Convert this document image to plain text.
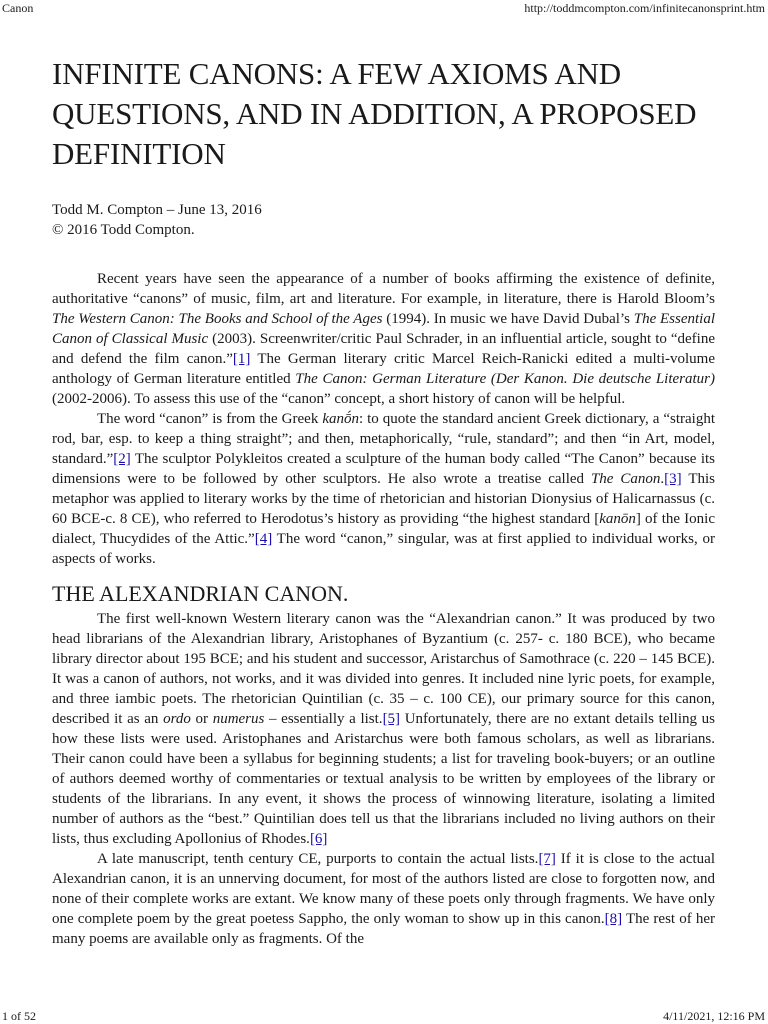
Canon	http://toddmcompton.com/infinitecanonsprint.htm
INFINITE CANONS: A FEW AXIOMS AND QUESTIONS, AND IN ADDITION, A PROPOSED DEFINITION
Todd M. Compton – June 13, 2016
© 2016 Todd Compton.

Recent years have seen the appearance of a number of books affirming the existence of definite, authoritative “canons” of music, film, art and literature. For example, in literature, there is Harold Bloom’s The Western Canon: The Books and School of the Ages (1994). In music we have David Dubal’s The Essential Canon of Classical Music (2003). Screenwriter/critic Paul Schrader, in an influential article, sought to “define and defend the film canon.”[1] The German literary critic Marcel Reich-Ranicki edited a multi-volume anthology of German literature entitled The Canon: German Literature (Der Kanon. Die deutsche Literatur) (2002-2006). To assess this use of the “canon” concept, a short history of canon will be helpful.

The word “canon” is from the Greek kanṓn: to quote the standard ancient Greek dictionary, a “straight rod, bar, esp. to keep a thing straight”; and then, metaphorically, “rule, standard”; and then “in Art, model, standard.”[2] The sculptor Polykleitos created a sculpture of the human body called “The Canon” because its dimensions were to be followed by other sculptors. He also wrote a treatise called The Canon.[3] This metaphor was applied to literary works by the time of rhetorician and historian Dionysius of Halicarnassus (c. 60 BCE-c. 8 CE), who referred to Herodotus’s history as providing “the highest standard [kanōn] of the Ionic dialect, Thucydides of the Attic.”[4] The word “canon,” singular, was at first applied to individual works, or aspects of works.

THE ALEXANDRIAN CANON.

The first well-known Western literary canon was the “Alexandrian canon.” It was produced by two head librarians of the Alexandrian library, Aristophanes of Byzantium (c. 257- c. 180 BCE), who became library director about 195 BCE; and his student and successor, Aristarchus of Samothrace (c. 220 – 145 BCE). It was a canon of authors, not works, and it was divided into genres. It included nine lyric poets, for example, and three iambic poets. The rhetorician Quintilian (c. 35 – c. 100 CE), our primary source for this canon, described it as an ordo or numerus – essentially a list.[5] Unfortunately, there are no extant details telling us how these lists were used. Aristophanes and Aristarchus were both famous scholars, as well as librarians. Their canon could have been a syllabus for beginning students; a list for traveling book-buyers; or an outline of authors deemed worthy of commentaries or textual analysis to be written by employees of the library or students of the librarians. In any event, it shows the process of winnowing literature, isolating a limited number of authors as the “best.” Quintilian does tell us that the librarians included no living authors on their lists, thus excluding Apollonius of Rhodes.[6]

A late manuscript, tenth century CE, purports to contain the actual lists.[7] If it is close to the actual Alexandrian canon, it is an unnerving document, for most of the authors listed are close to forgotten now, and none of their complete works are extant. We know many of these poets only through fragments. We have only one complete poem by the great poetess Sappho, the only woman to show up in this canon.[8] The rest of her many poems are available only as fragments. Of the

1 of 52	4/11/2021, 12:16 PM
